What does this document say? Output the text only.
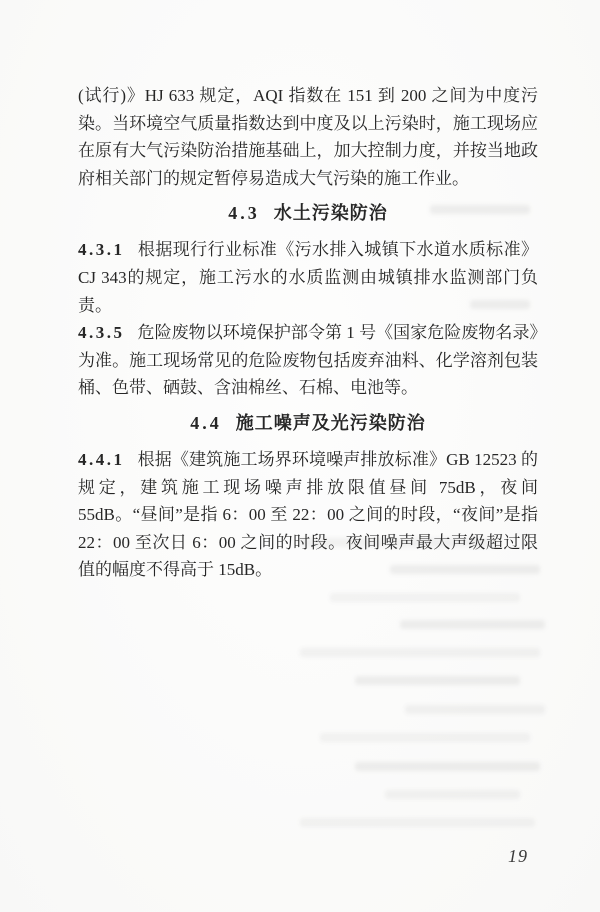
(试行)》HJ 633 规定，AQI 指数在 151 到 200 之间为中度污染。当环境空气质量指数达到中度及以上污染时，施工现场应在原有大气污染防治措施基础上，加大控制力度，并按当地政府相关部门的规定暂停易造成大气污染的施工作业。

4.3 水土污染防治

4.3.1 根据现行行业标准《污水排入城镇下水道水质标准》CJ 343的规定，施工污水的水质监测由城镇排水监测部门负责。

4.3.5 危险废物以环境保护部令第 1 号《国家危险废物名录》为准。施工现场常见的危险废物包括废弃油料、化学溶剂包装桶、色带、硒鼓、含油棉丝、石棉、电池等。

4.4 施工噪声及光污染防治

4.4.1 根据《建筑施工场界环境噪声排放标准》GB 12523 的规定，建筑施工现场噪声排放限值昼间 75dB，夜间 55dB。“昼间”是指 6：00 至 22：00 之间的时段，“夜间”是指 22：00 至次日 6：00 之间的时段。夜间噪声最大声级超过限值的幅度不得高于 15dB。

19
